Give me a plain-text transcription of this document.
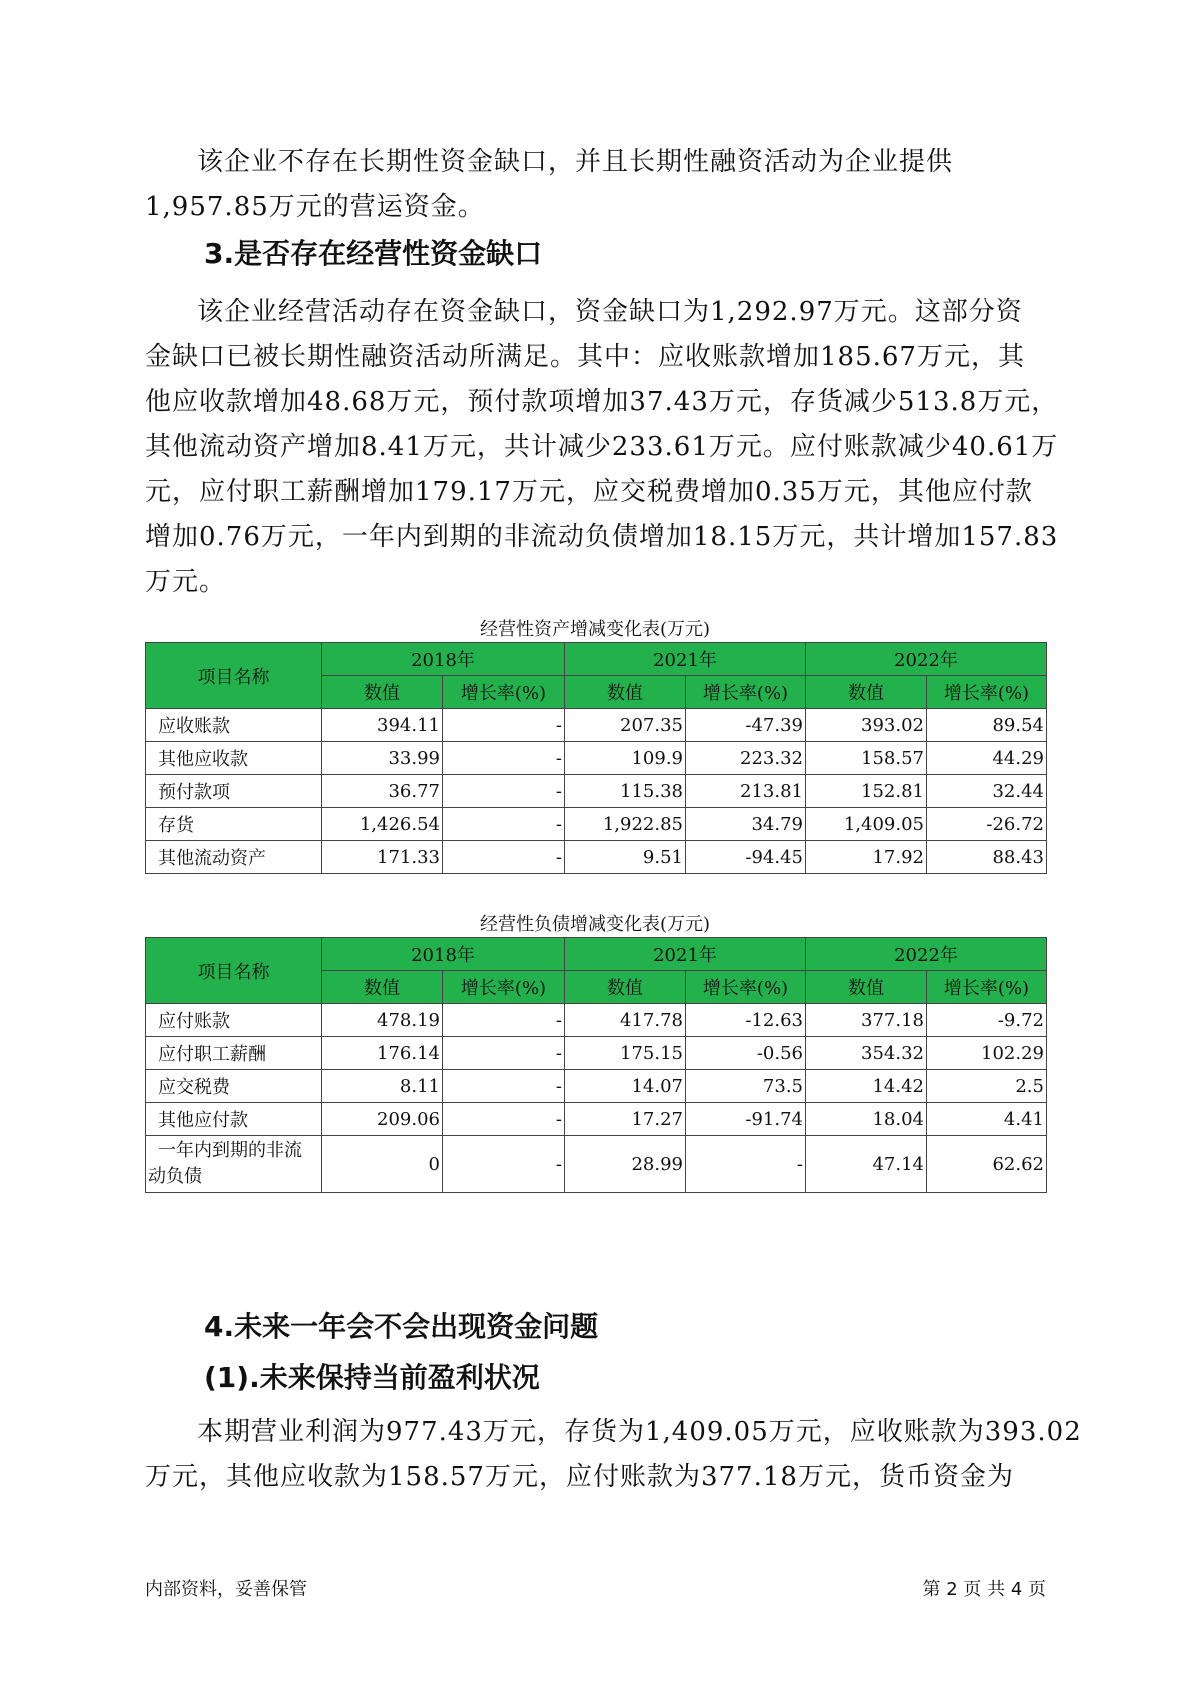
该企业不存在长期性资金缺口，并且长期性融资活动为企业提供
1,957.85万元的营运资金。
3.是否存在经营性资金缺口
该企业经营活动存在资金缺口，资金缺口为1,292.97万元。这部分资
金缺口已被长期性融资活动所满足。其中：应收账款增加185.67万元，其
他应收款增加48.68万元，预付款项增加37.43万元，存货减少513.8万元，
其他流动资产增加8.41万元，共计减少233.61万元。应付账款减少40.61万
元，应付职工薪酬增加179.17万元，应交税费增加0.35万元，其他应付款
增加0.76万元，一年内到期的非流动负债增加18.15万元，共计增加157.83
万元。
经营性资产增减变化表(万元)
项目名称	2018年		2021年		2022年	
	数值	增长率(%)	数值	增长率(%)	数值	增长率(%)
应收账款	394.11	-	207.35	-47.39	393.02	89.54
其他应收款	33.99	-	109.9	223.32	158.57	44.29
预付款项	36.77	-	115.38	213.81	152.81	32.44
存货	1,426.54	-	1,922.85	34.79	1,409.05	-26.72
其他流动资产	171.33	-	9.51	-94.45	17.92	88.43
经营性负债增减变化表(万元)
项目名称	2018年		2021年		2022年	
	数值	增长率(%)	数值	增长率(%)	数值	增长率(%)
应付账款	478.19	-	417.78	-12.63	377.18	-9.72
应付职工薪酬	176.14	-	175.15	-0.56	354.32	102.29
应交税费	8.11	-	14.07	73.5	14.42	2.5
其他应付款	209.06	-	17.27	-91.74	18.04	4.41

一年内到期的非流
动负债	0	-	28.99	-	47.14	62.62
4.未来一年会不会出现资金问题
(1).未来保持当前盈利状况
本期营业利润为977.43万元，存货为1,409.05万元，应收账款为393.02
万元，其他应收款为158.57万元，应付账款为377.18万元，货币资金为
内部资料，妥善保管	第 2 页 共 4 页
